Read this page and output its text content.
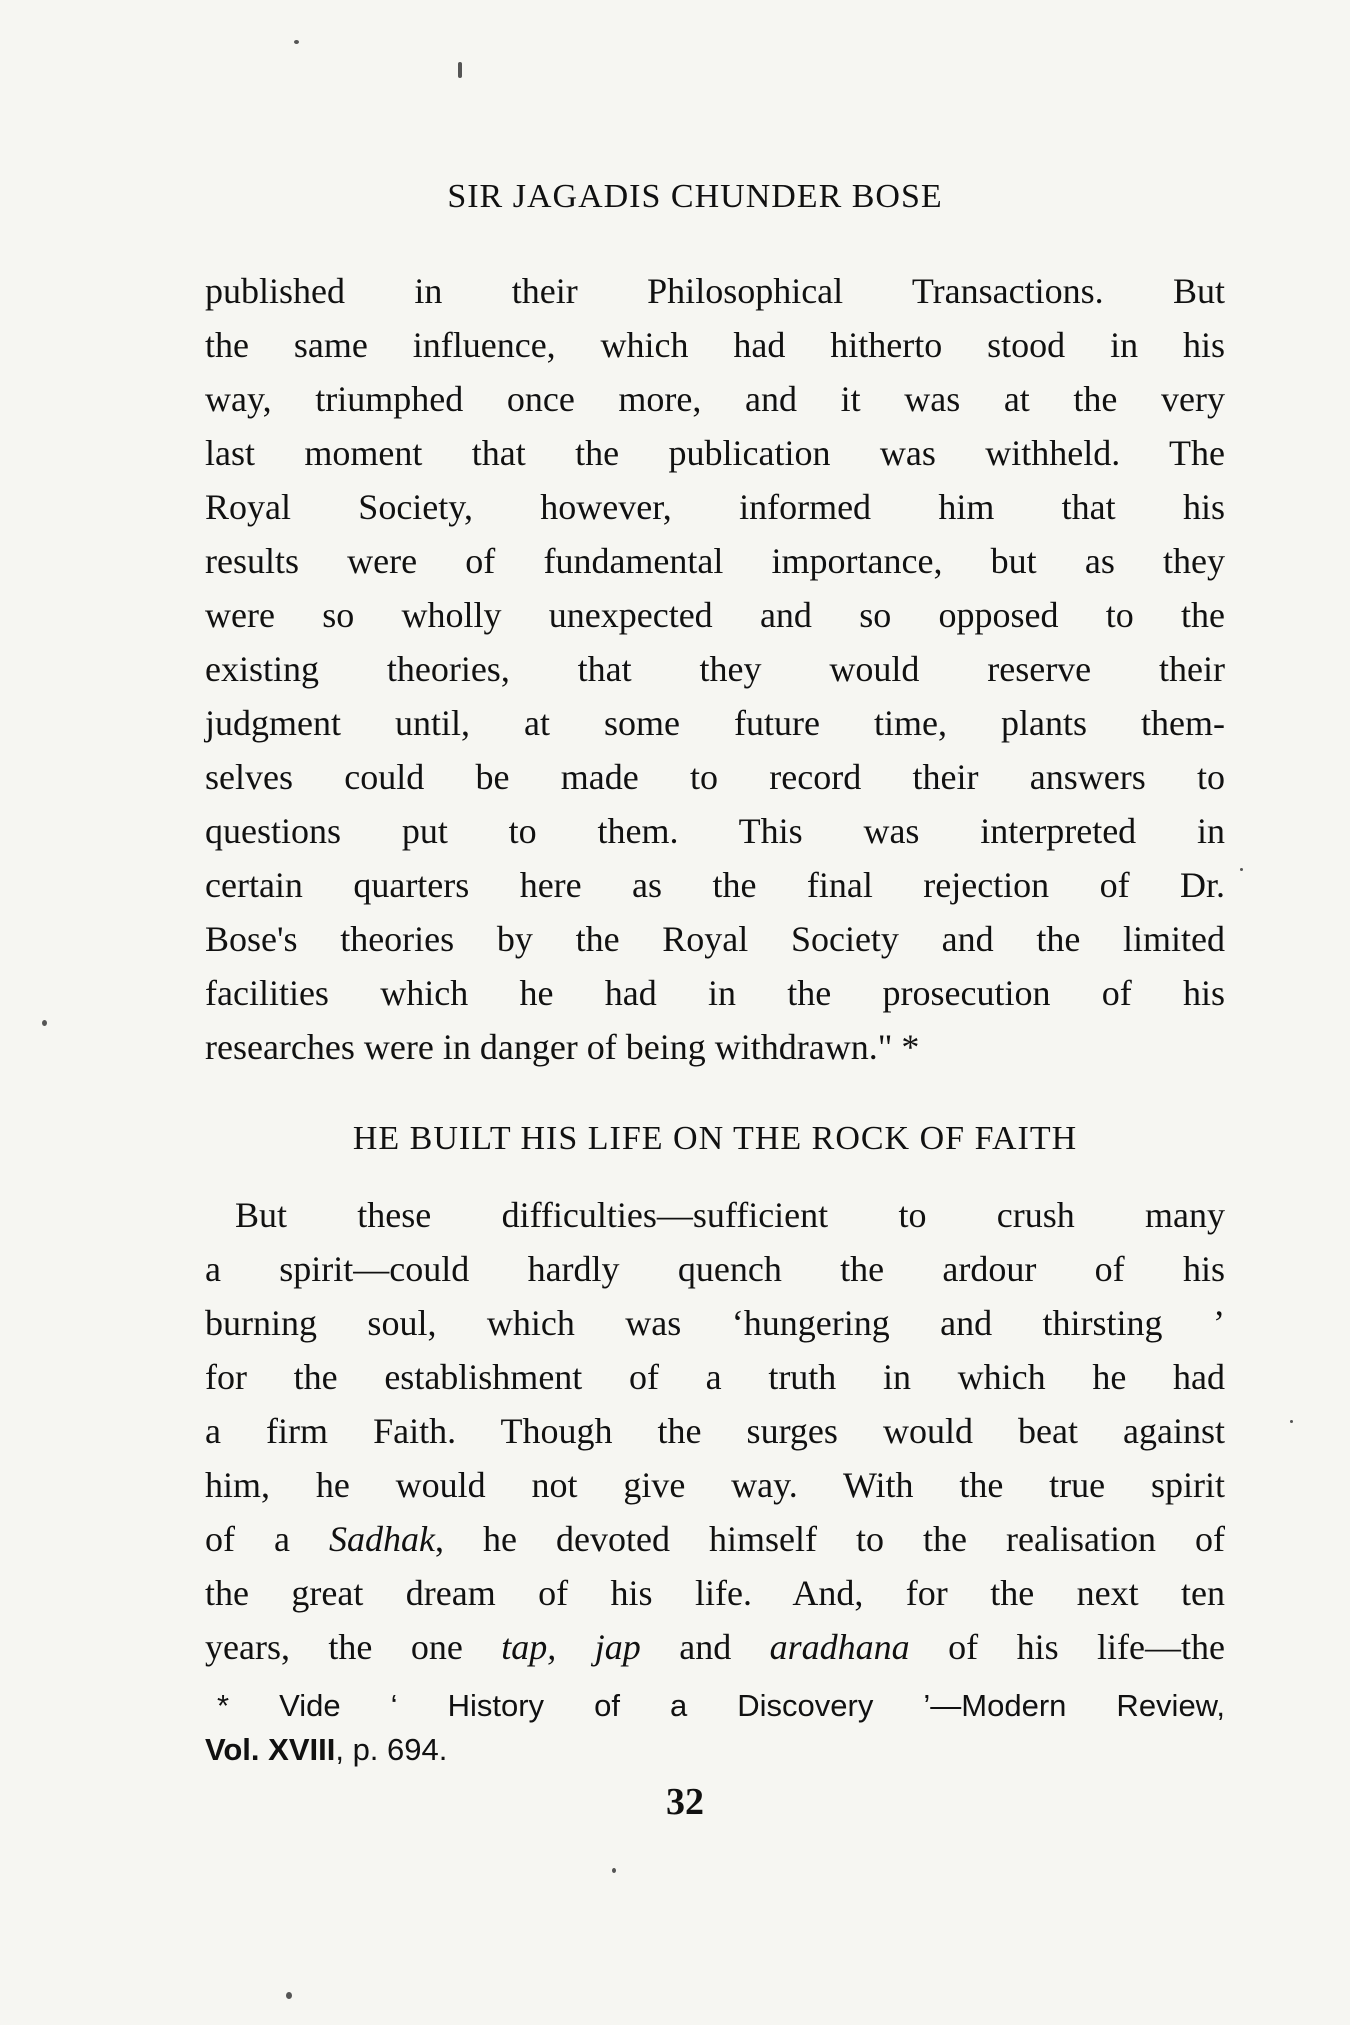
SIR JAGADIS CHUNDER BOSE
published in their Philosophical Transactions. But
the same influence, which had hitherto stood in his
way, triumphed once more, and it was at the very
last moment that the publication was withheld. The
Royal Society, however, informed him that his
results were of fundamental importance, but as they
were so wholly unexpected and so opposed to the
existing theories, that they would reserve their
judgment until, at some future time, plants them-
selves could be made to record their answers to
questions put to them. This was interpreted in
certain quarters here as the final rejection of Dr.
Bose's theories by the Royal Society and the limited
facilities which he had in the prosecution of his
researches were in danger of being withdrawn." *
HE BUILT HIS LIFE ON THE ROCK OF FAITH
But these difficulties—sufficient to crush many
a spirit—could hardly quench the ardour of his
burning soul, which was ‘hungering and thirsting ’
for the establishment of a truth in which he had
a firm Faith. Though the surges would beat against
him, he would not give way. With the true spirit
of a Sadhak, he devoted himself to the realisation of
the great dream of his life. And, for the next ten
years, the one tap, jap and aradhana of his life—the
* Vide ‘ History of a Discovery ’—Modern Review,
Vol. XVIII, p. 694.
32
